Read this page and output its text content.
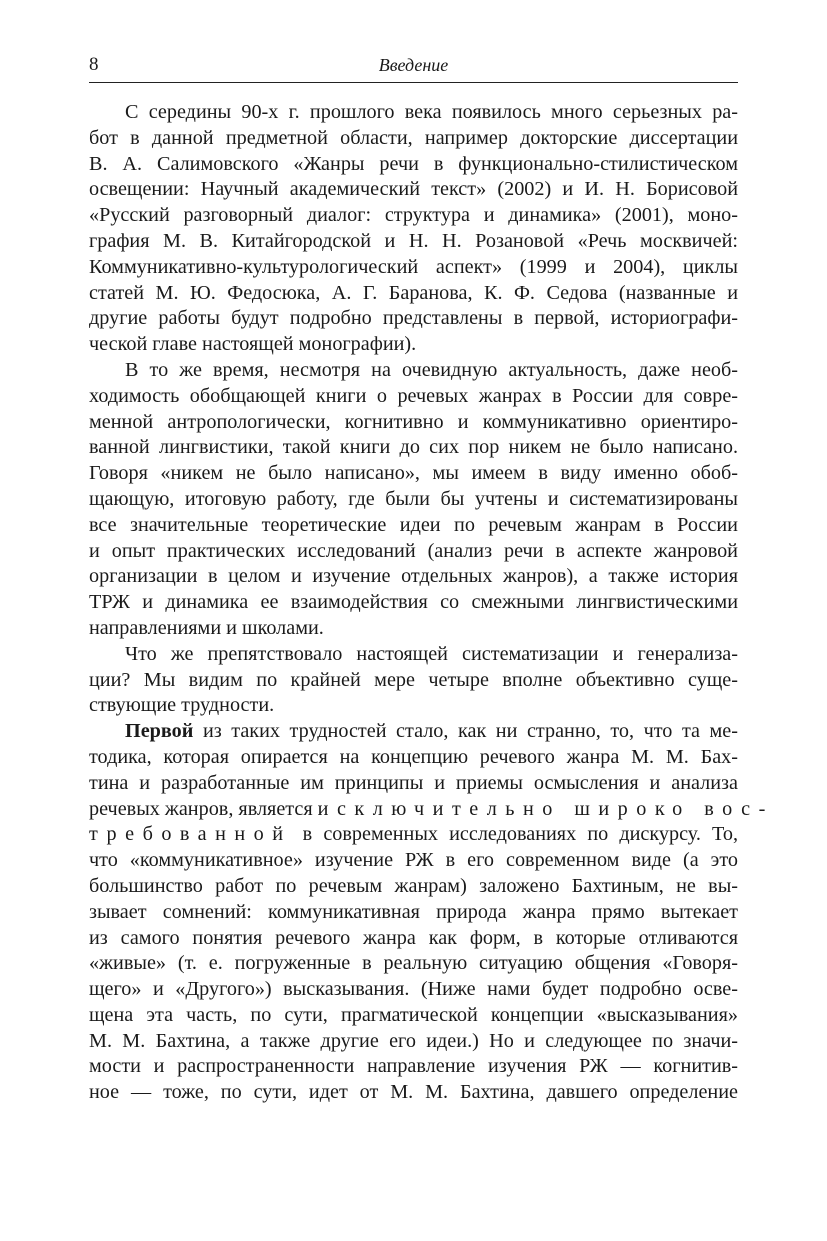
8	Введение

С середины 90-х г. прошлого века появилось много серьезных ра-
бот в данной предметной области, например докторские диссертации
В. А. Салимовского «Жанры речи в функционально-стилистическом
освещении: Научный академический текст» (2002) и И. Н. Борисовой
«Русский разговорный диалог: структура и динамика» (2001), моно-
графия М. В. Китайгородской и Н. Н. Розановой «Речь москвичей:
Коммуникативно-культурологический аспект» (1999 и 2004), циклы
статей М. Ю. Федосюка, А. Г. Баранова, К. Ф. Седова (названные и
другие работы будут подробно представлены в первой, историографи-
ческой главе настоящей монографии).

В то же время, несмотря на очевидную актуальность, даже необ-
ходимость обобщающей книги о речевых жанрах в России для совре-
менной антропологически, когнитивно и коммуникативно ориентиро-
ванной лингвистики, такой книги до сих пор никем не было написано.
Говоря «никем не было написано», мы имеем в виду именно обоб-
щающую, итоговую работу, где были бы учтены и систематизированы
все значительные теоретические идеи по речевым жанрам в России
и опыт практических исследований (анализ речи в аспекте жанровой
организации в целом и изучение отдельных жанров), а также история
ТРЖ и динамика ее взаимодействия со смежными лингвистическими
направлениями и школами.

Что же препятствовало настоящей систематизации и генерализа-
ции? Мы видим по крайней мере четыре вполне объективно суще-
ствующие трудности.

Первой из таких трудностей стало, как ни странно, то, что та ме-
тодика, которая опирается на концепцию речевого жанра М. М. Бах-
тина и разработанные им принципы и приемы осмысления и анализа
речевых жанров, является исключительно широко вос-
требованной в современных исследованиях по дискурсу. То,
что «коммуникативное» изучение РЖ в его современном виде (а это
большинство работ по речевым жанрам) заложено Бахтиным, не вы-
зывает сомнений: коммуникативная природа жанра прямо вытекает
из самого понятия речевого жанра как форм, в которые отливаются
«живые» (т. е. погруженные в реальную ситуацию общения «Говоря-
щего» и «Другого») высказывания. (Ниже нами будет подробно осве-
щена эта часть, по сути, прагматической концепции «высказывания»
М. М. Бахтина, а также другие его идеи.) Но и следующее по значи-
мости и распространенности направление изучения РЖ — когнитив-
ное — тоже, по сути, идет от М. М. Бахтина, давшего определение
